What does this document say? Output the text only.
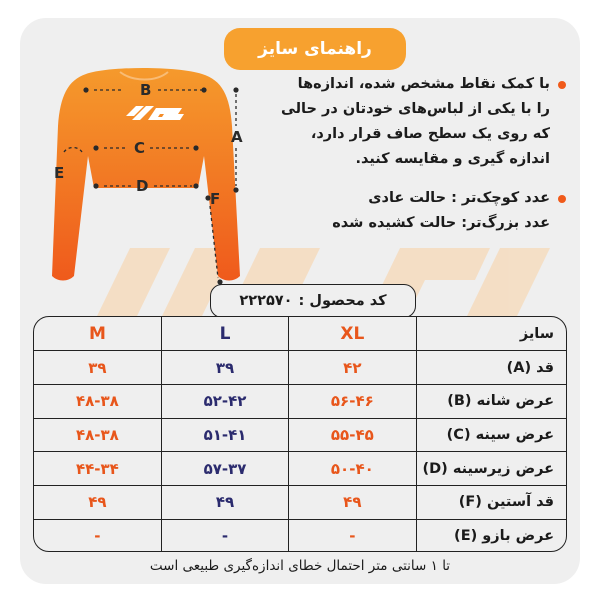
راهنمای سایز
B
C
D
A
F
E
با کمک نقاط مشخص شده، اندازه‌ها
را با یکی از لباس‌های خودتان در حالی
که روی یک سطح صاف قرار دارد،
اندازه گیری و مقایسه کنید.
عدد کوچک‌تر : حالت عادی
عدد بزرگ‌تر: حالت کشیده شده
کد محصول :
۲۲۲۵۷۰
سایز	XL	L	M
قد (A)	۴۲	۳۹	۳۹
عرض شانه (B)	۵۶-۴۶	۵۲-۴۲	۴۸-۳۸
عرض سینه (C)	۵۵-۴۵	۵۱-۴۱	۴۸-۳۸
عرض زیرسینه (D)	۵۰-۴۰	۵۷-۳۷	۴۴-۳۴
قد آستین (F)	۴۹	۴۹	۴۹
عرض بازو (E)	-	-	-
تا ۱ سانتی متر احتمال خطای اندازه‌گیری طبیعی است
